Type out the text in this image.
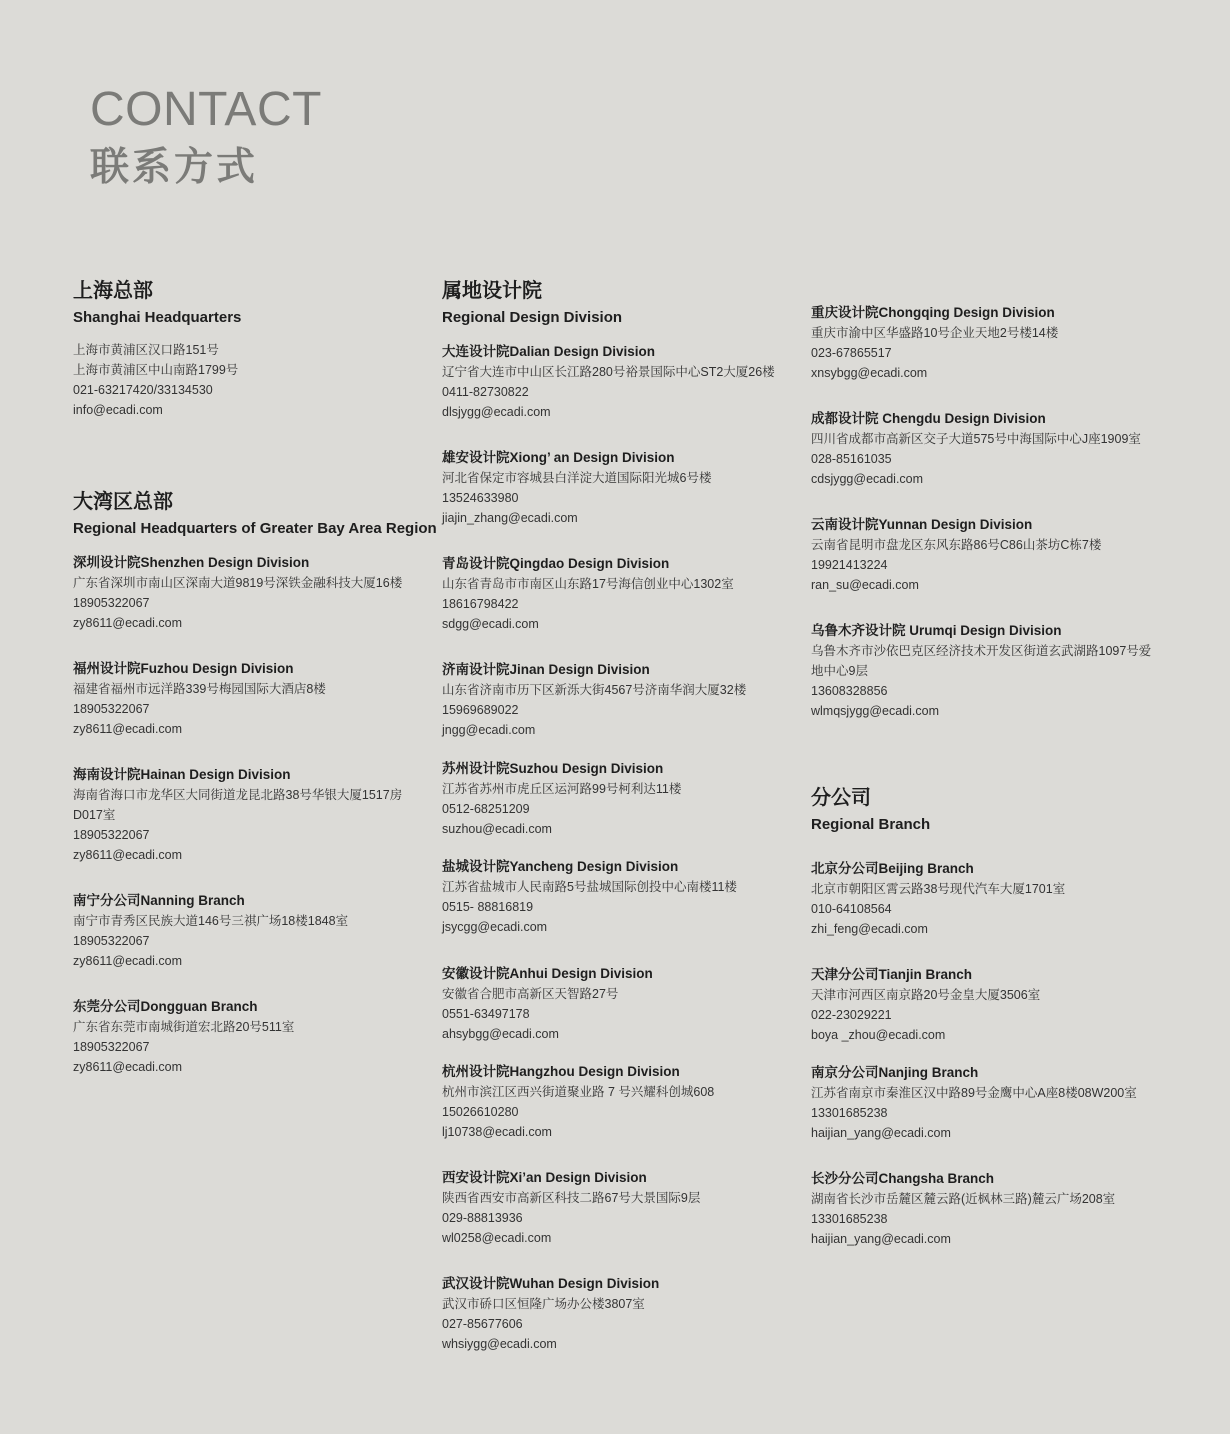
CONTACT
联系方式
上海总部
Shanghai Headquarters
上海市黄浦区汉口路151号
上海市黄浦区中山南路1799号
021-63217420/33134530
info@ecadi.com
大湾区总部
Regional Headquarters of Greater Bay Area Region
深圳设计院Shenzhen Design Division
广东省深圳市南山区深南大道9819号深铁金融科技大厦16楼
18905322067
zy8611@ecadi.com
福州设计院Fuzhou Design Division
福建省福州市远洋路339号梅园国际大酒店8楼
18905322067
zy8611@ecadi.com
海南设计院Hainan Design Division
海南省海口市龙华区大同街道龙昆北路38号华银大厦1517房D017室
18905322067
zy8611@ecadi.com
南宁分公司Nanning Branch
南宁市青秀区民族大道146号三祺广场18楼1848室
18905322067
zy8611@ecadi.com
东莞分公司Dongguan Branch
广东省东莞市南城街道宏北路20号511室
18905322067
zy8611@ecadi.com
属地设计院
Regional Design Division
大连设计院Dalian Design Division
辽宁省大连市中山区长江路280号裕景国际中心ST2大厦26楼
0411-82730822
dlsjygg@ecadi.com
雄安设计院Xiong’ an Design Division
河北省保定市容城县白洋淀大道国际阳光城6号楼
13524633980
jiajin_zhang@ecadi.com
青岛设计院Qingdao Design Division
山东省青岛市市南区山东路17号海信创业中心1302室
18616798422
sdgg@ecadi.com
济南设计院Jinan Design Division
山东省济南市历下区新泺大街4567号济南华润大厦32楼
15969689022
jngg@ecadi.com
苏州设计院Suzhou Design Division
江苏省苏州市虎丘区运河路99号柯利达11楼
0512-68251209
suzhou@ecadi.com
盐城设计院Yancheng Design Division
江苏省盐城市人民南路5号盐城国际创投中心南楼11楼
0515- 88816819
jsycgg@ecadi.com
安徽设计院Anhui Design Division
安徽省合肥市高新区天智路27号
0551-63497178
ahsybgg@ecadi.com
杭州设计院Hangzhou Design Division
杭州市滨江区西兴街道聚业路 7 号兴耀科创城608
15026610280
lj10738@ecadi.com
西安设计院Xi’an Design Division
陕西省西安市高新区科技二路67号大景国际9层
029-88813936
wl0258@ecadi.com
武汉设计院Wuhan Design Division
武汉市硚口区恒隆广场办公楼3807室
027-85677606
whsiygg@ecadi.com
重庆设计院Chongqing Design Division
重庆市渝中区华盛路10号企业天地2号楼14楼
023-67865517
xnsybgg@ecadi.com
成都设计院 Chengdu Design Division
四川省成都市高新区交子大道575号中海国际中心J座1909室
028-85161035
cdsjygg@ecadi.com
云南设计院Yunnan Design Division
云南省昆明市盘龙区东风东路86号C86山茶坊C栋7楼
19921413224
ran_su@ecadi.com
乌鲁木齐设计院 Urumqi Design Division
乌鲁木齐市沙依巴克区经济技术开发区街道玄武湖路1097号爱地中心9层
13608328856
wlmqsjygg@ecadi.com
分公司
Regional Branch
北京分公司Beijing Branch
北京市朝阳区霄云路38号现代汽车大厦1701室
010-64108564
zhi_feng@ecadi.com
天津分公司Tianjin Branch
天津市河西区南京路20号金皇大厦3506室
022-23029221
boya _zhou@ecadi.com
南京分公司Nanjing Branch
江苏省南京市秦淮区汉中路89号金鹰中心A座8楼08W200室
13301685238
haijian_yang@ecadi.com
长沙分公司Changsha Branch
湖南省长沙市岳麓区麓云路(近枫林三路)麓云广场208室
13301685238
haijian_yang@ecadi.com
